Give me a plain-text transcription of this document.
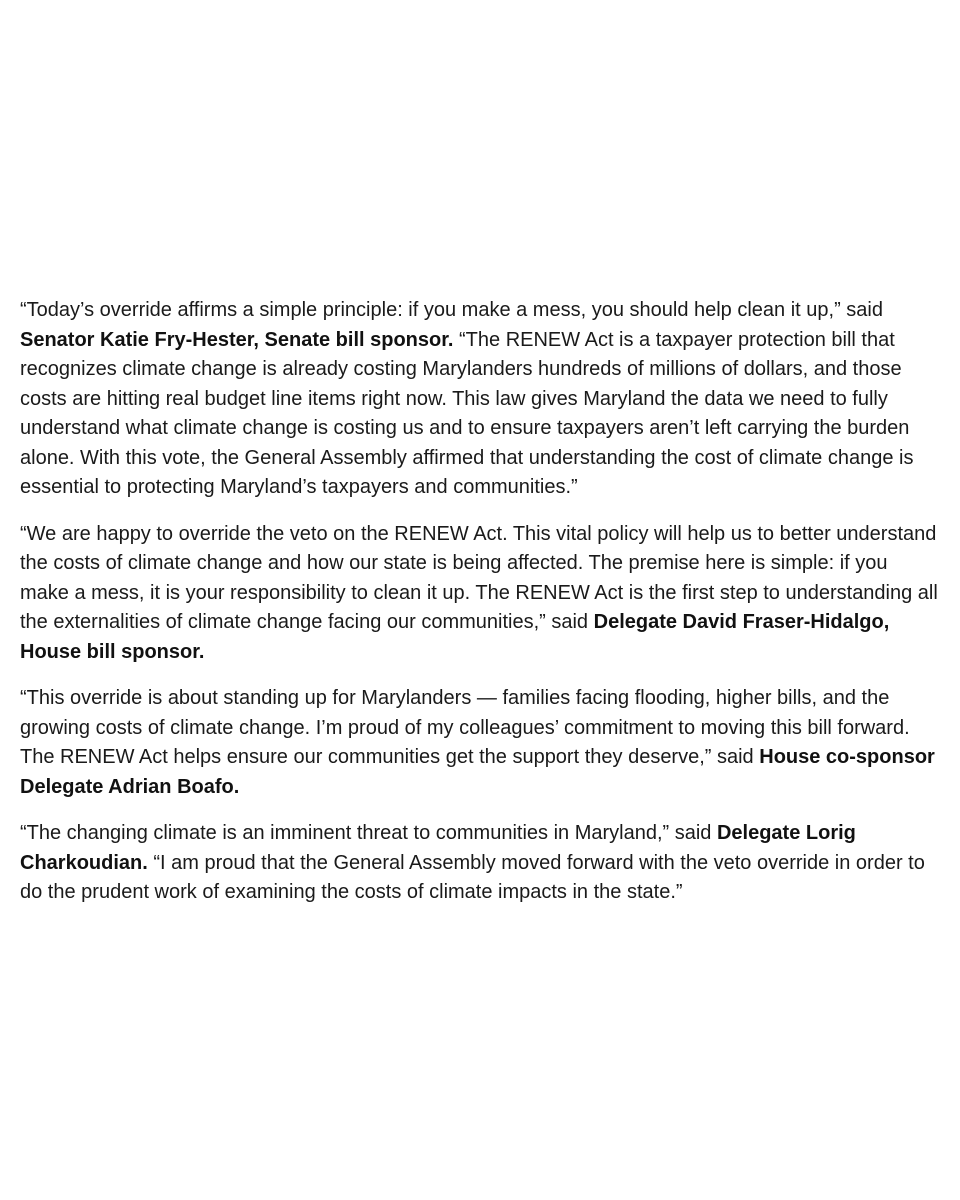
“Today’s override affirms a simple principle: if you make a mess, you should help clean it up,” said Senator Katie Fry-Hester, Senate bill sponsor. “The RENEW Act is a taxpayer protection bill that recognizes climate change is already costing Marylanders hundreds of millions of dollars, and those costs are hitting real budget line items right now. This law gives Maryland the data we need to fully understand what climate change is costing us and to ensure taxpayers aren’t left carrying the burden alone. With this vote, the General Assembly affirmed that understanding the cost of climate change is essential to protecting Maryland’s taxpayers and communities.”

“We are happy to override the veto on the RENEW Act. This vital policy will help us to better understand the costs of climate change and how our state is being affected. The premise here is simple: if you make a mess, it is your responsibility to clean it up. The RENEW Act is the first step to understanding all the externalities of climate change facing our communities,” said Delegate David Fraser-Hidalgo, House bill sponsor.

“This override is about standing up for Marylanders — families facing flooding, higher bills, and the growing costs of climate change. I’m proud of my colleagues’ commitment to moving this bill forward. The RENEW Act helps ensure our communities get the support they deserve,” said House co-sponsor Delegate Adrian Boafo.

“The changing climate is an imminent threat to communities in Maryland,” said Delegate Lorig Charkoudian. “I am proud that the General Assembly moved forward with the veto override in order to do the prudent work of examining the costs of climate impacts in the state.”
